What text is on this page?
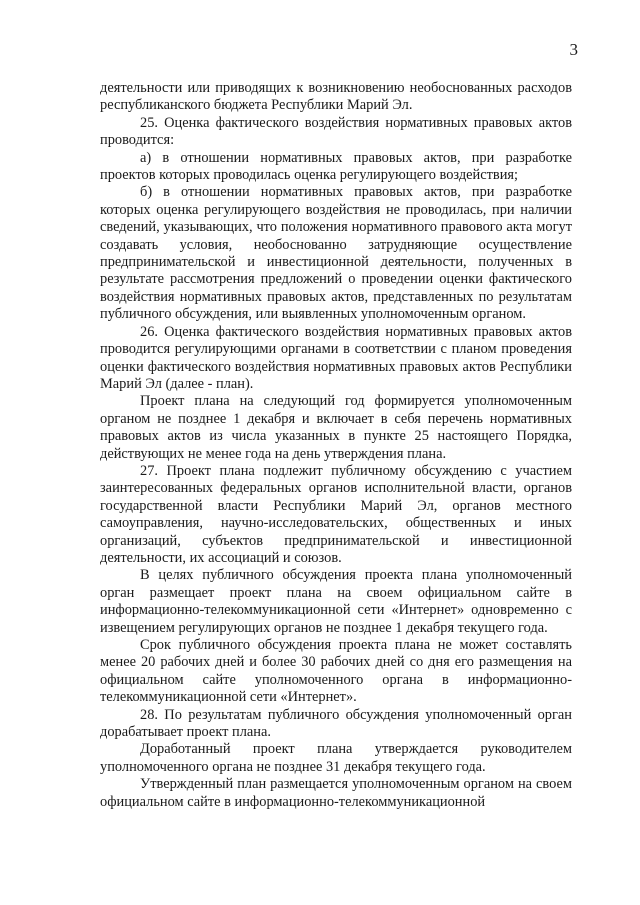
3

деятельности или приводящих к возникновению необоснованных расходов республиканского бюджета Республики Марий Эл.

25. Оценка фактического воздействия нормативных правовых актов проводится:

а) в отношении нормативных правовых актов, при разработке проектов которых проводилась оценка регулирующего воздействия;

б) в отношении нормативных правовых актов, при разработке которых оценка регулирующего воздействия не проводилась, при наличии сведений, указывающих, что положения нормативного правового акта могут создавать условия, необоснованно затрудняющие осуществление предпринимательской и инвестиционной деятельности, полученных в результате рассмотрения предложений о проведении оценки фактического воздействия нормативных правовых актов, представленных по результатам публичного обсуждения, или выявленных уполномоченным органом.

26. Оценка фактического воздействия нормативных правовых актов проводится регулирующими органами в соответствии с планом проведения оценки фактического воздействия нормативных правовых актов Республики Марий Эл (далее - план).

Проект плана на следующий год формируется уполномоченным органом не позднее 1 декабря и включает в себя перечень нормативных правовых актов из числа указанных в пункте 25 настоящего Порядка, действующих не менее года на день утверждения плана.

27. Проект плана подлежит публичному обсуждению с участием заинтересованных федеральных органов исполнительной власти, органов государственной власти Республики Марий Эл, органов местного самоуправления, научно-исследовательских, общественных и иных организаций, субъектов предпринимательской и инвестиционной деятельности, их ассоциаций и союзов.

В целях публичного обсуждения проекта плана уполномоченный орган размещает проект плана на своем официальном сайте в информационно-телекоммуникационной сети «Интернет» одновременно с извещением регулирующих органов не позднее 1 декабря текущего года.

Срок публичного обсуждения проекта плана не может составлять менее 20 рабочих дней и более 30 рабочих дней со дня его размещения на официальном сайте уполномоченного органа в информационно-телекоммуникационной сети «Интернет».

28. По результатам публичного обсуждения уполномоченный орган дорабатывает проект плана.

Доработанный проект плана утверждается руководителем уполномоченного органа не позднее 31 декабря текущего года.

Утвержденный план размещается уполномоченным органом на своем официальном сайте в информационно-телекоммуникационной
